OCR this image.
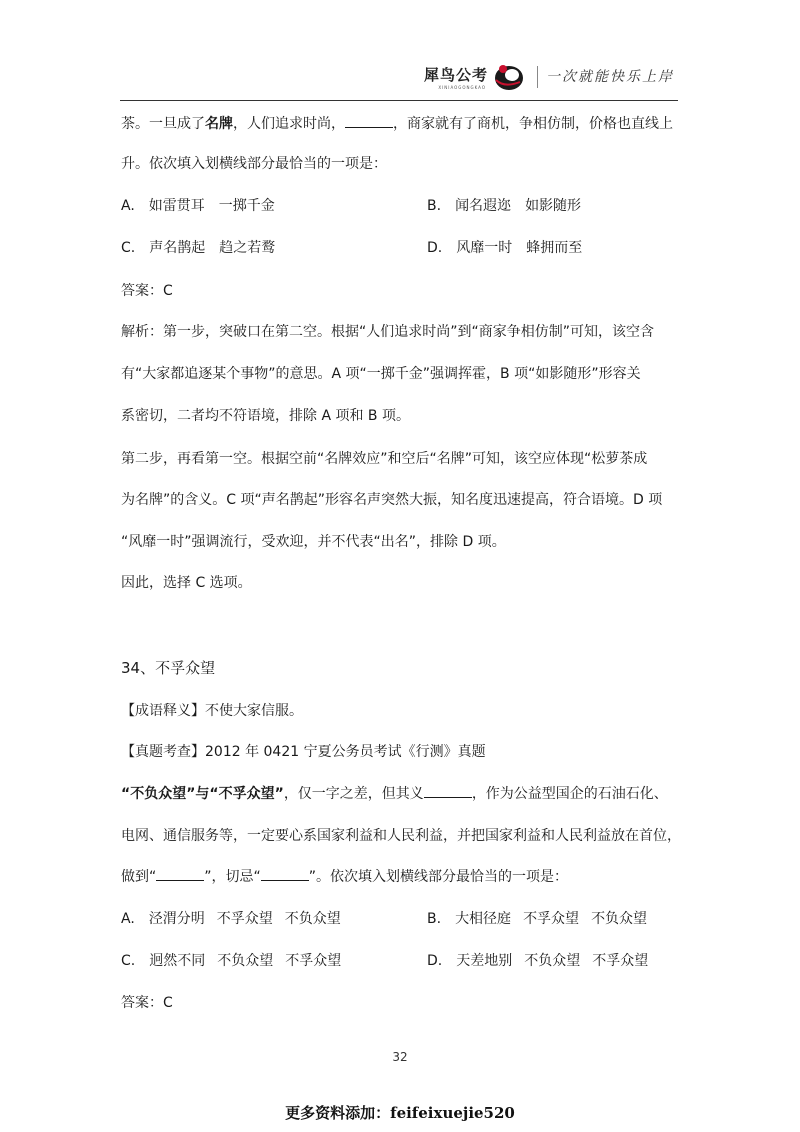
犀鸟公考
XINIAOGONGKAO
一次就能快乐上岸
茶。一旦成了名牌，人们追求时尚，	，商家就有了商机，争相仿制，价格也直线上
升。依次填入划横线部分最恰当的一项是：
A. 如雷贯耳 一掷千金	B. 闻名遐迩 如影随形
C. 声名鹊起 趋之若鹜	D. 风靡一时 蜂拥而至
答案：C
解析：第一步，突破口在第二空。根据“人们追求时尚”到“商家争相仿制”可知，该空含
有“大家都追逐某个事物”的意思。A 项“一掷千金”强调挥霍，B 项“如影随形”形容关
系密切，二者均不符语境，排除 A 项和 B 项。
第二步，再看第一空。根据空前“名牌效应”和空后“名牌”可知，该空应体现“松萝茶成
为名牌”的含义。C 项“声名鹊起”形容名声突然大振，知名度迅速提高，符合语境。D 项
“风靡一时”强调流行，受欢迎，并不代表“出名”，排除 D 项。
因此，选择 C 选项。
34、不孚众望
【成语释义】不使大家信服。
【真题考查】2012 年 0421 宁夏公务员考试《行测》真题
“不负众望”与“不孚众望”，仅一字之差，但其义	，作为公益型国企的石油石化、
电网、通信服务等，一定要心系国家利益和人民利益，并把国家利益和人民利益放在首位，
做到“	”，切忌“	”。依次填入划横线部分最恰当的一项是：
A. 泾渭分明 不孚众望 不负众望	B. 大相径庭 不孚众望 不负众望
C. 迥然不同 不负众望 不孚众望	D. 天差地别 不负众望 不孚众望
答案：C
32
更多资料添加：feifeixuejie520
